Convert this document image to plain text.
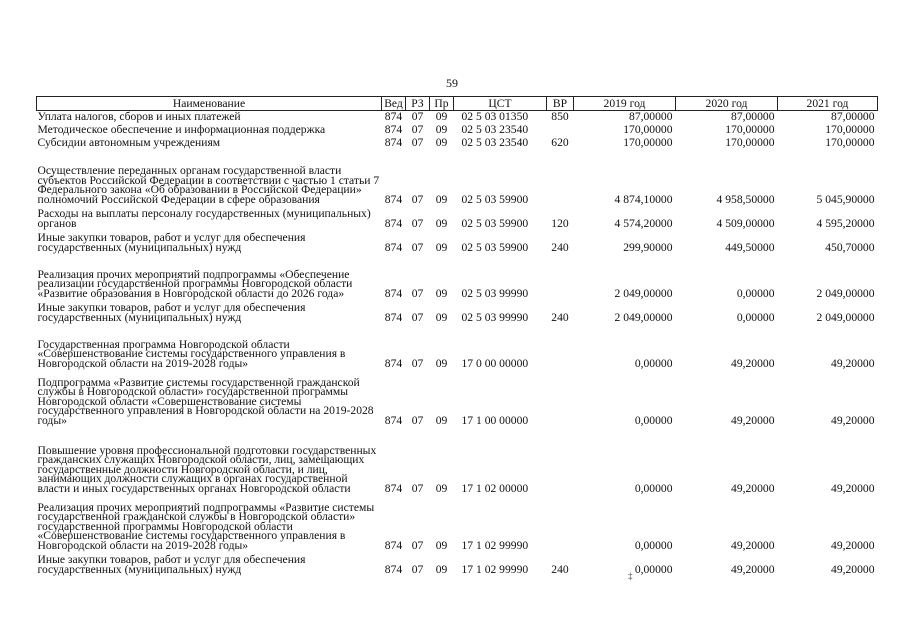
59
Наименование	Вед	РЗ	Пр	ЦСТ	ВР	2019 год	2020 год	2021 год
Уплата налогов, сборов и иных платежей	874	07	09	02 5 03 01350	850	87,00000	87,00000	87,00000
Методическое обеспечение и информационная поддержка	874	07	09	02 5 03 23540		170,00000	170,00000	170,00000
Субсидии автономным учреждениям	874	07	09	02 5 03 23540	620	170,00000	170,00000	170,00000
Осуществление переданных органам государственной власти субъектов Российской Федерации в соответствии с частью 1 статьи 7 Федерального закона «Об образовании в Российской Федерации» полномочий Российской Федерации в сфере образования	874	07	09	02 5 03 59900		4 874,10000	4 958,50000	5 045,90000
Расходы на выплаты персоналу государственных (муниципальных) органов	874	07	09	02 5 03 59900	120	4 574,20000	4 509,00000	4 595,20000
Иные закупки товаров, работ и услуг для обеспечения государственных (муниципальных) нужд	874	07	09	02 5 03 59900	240	299,90000	449,50000	450,70000
Реализация прочих мероприятий подпрограммы «Обеспечение реализации государственной программы Новгородской области «Развитие образования в Новгородской области до 2026 года»	874	07	09	02 5 03 99990		2 049,00000	0,00000	2 049,00000
Иные закупки товаров, работ и услуг для обеспечения государственных (муниципальных) нужд	874	07	09	02 5 03 99990	240	2 049,00000	0,00000	2 049,00000
Государственная программа Новгородской области «Совершенствование системы государственного управления в Новгородской области на 2019-2028 годы»	874	07	09	17 0 00 00000		0,00000	49,20000	49,20000
Подпрограмма «Развитие системы государственной гражданской службы в Новгородской области» государственной программы Новгородской области «Совершенствование системы государственного управления в Новгородской области на 2019-2028 годы»	874	07	09	17 1 00 00000		0,00000	49,20000	49,20000
Повышение уровня профессиональной подготовки государственных гражданских служащих Новгородской области, лиц, замещающих государственные должности Новгородской области, и лиц, занимающих должности служащих в органах государственной власти и иных государственных органах Новгородской области	874	07	09	17 1 02 00000		0,00000	49,20000	49,20000
Реализация прочих мероприятий подпрограммы «Развитие системы государственной гражданской службы в Новгородской области» государственной программы Новгородской области «Совершенствование системы государственного управления в Новгородской области на 2019-2028 годы»	874	07	09	17 1 02 99990		0,00000	49,20000	49,20000
Иные закупки товаров, работ и услуг для обеспечения государственных (муниципальных) нужд	874	07	09	17 1 02 99990	240	0,00000	49,20000	49,20000
‡
